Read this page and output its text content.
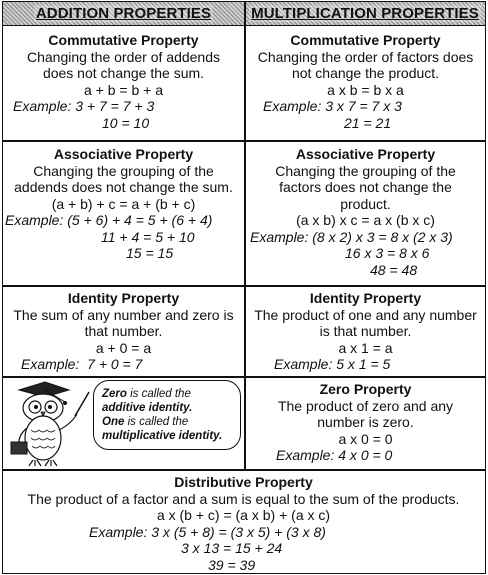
ADDITION PROPERTIES	MULTIPLICATION PROPERTIES
Commutative Property
Changing the order of addends
does not change the sum.
a + b = b + a
Example: 3 + 7 = 7 + 3
10 = 10
Commutative Property
Changing the order of factors does
not change the product.
a x b = b x a
Example: 3 x 7 = 7 x 3
21 = 21
Associative Property
Changing the grouping of the
addends does not change the sum.
(a + b) + c = a + (b + c)
Example: (5 + 6) + 4 = 5 + (6 + 4)
11 + 4 = 5 + 10
15 = 15
Associative Property
Changing the grouping of the
factors does not change the
product.
(a x b) x c = a x (b x c)
Example: (8 x 2) x 3 = 8 x (2 x 3)
16 x 3 = 8 x 6
48 = 48
Identity Property
The sum of any number and zero is
that number.
a + 0 = a
Example: 7 + 0 = 7
Identity Property
The product of one and any number
is that number.
a x 1 = a
Example: 5 x 1 = 5
Zero is called the
additive identity.
One is called the
multiplicative identity.
Zero Property
The product of zero and any
number is zero.
a x 0 = 0
Example: 4 x 0 = 0
Distributive Property
The product of a factor and a sum is equal to the sum of the products.
a x (b + c) = (a x b) + (a x c)
Example: 3 x (5 + 8) = (3 x 5) + (3 x 8)
3 x 13 = 15 + 24
39 = 39
